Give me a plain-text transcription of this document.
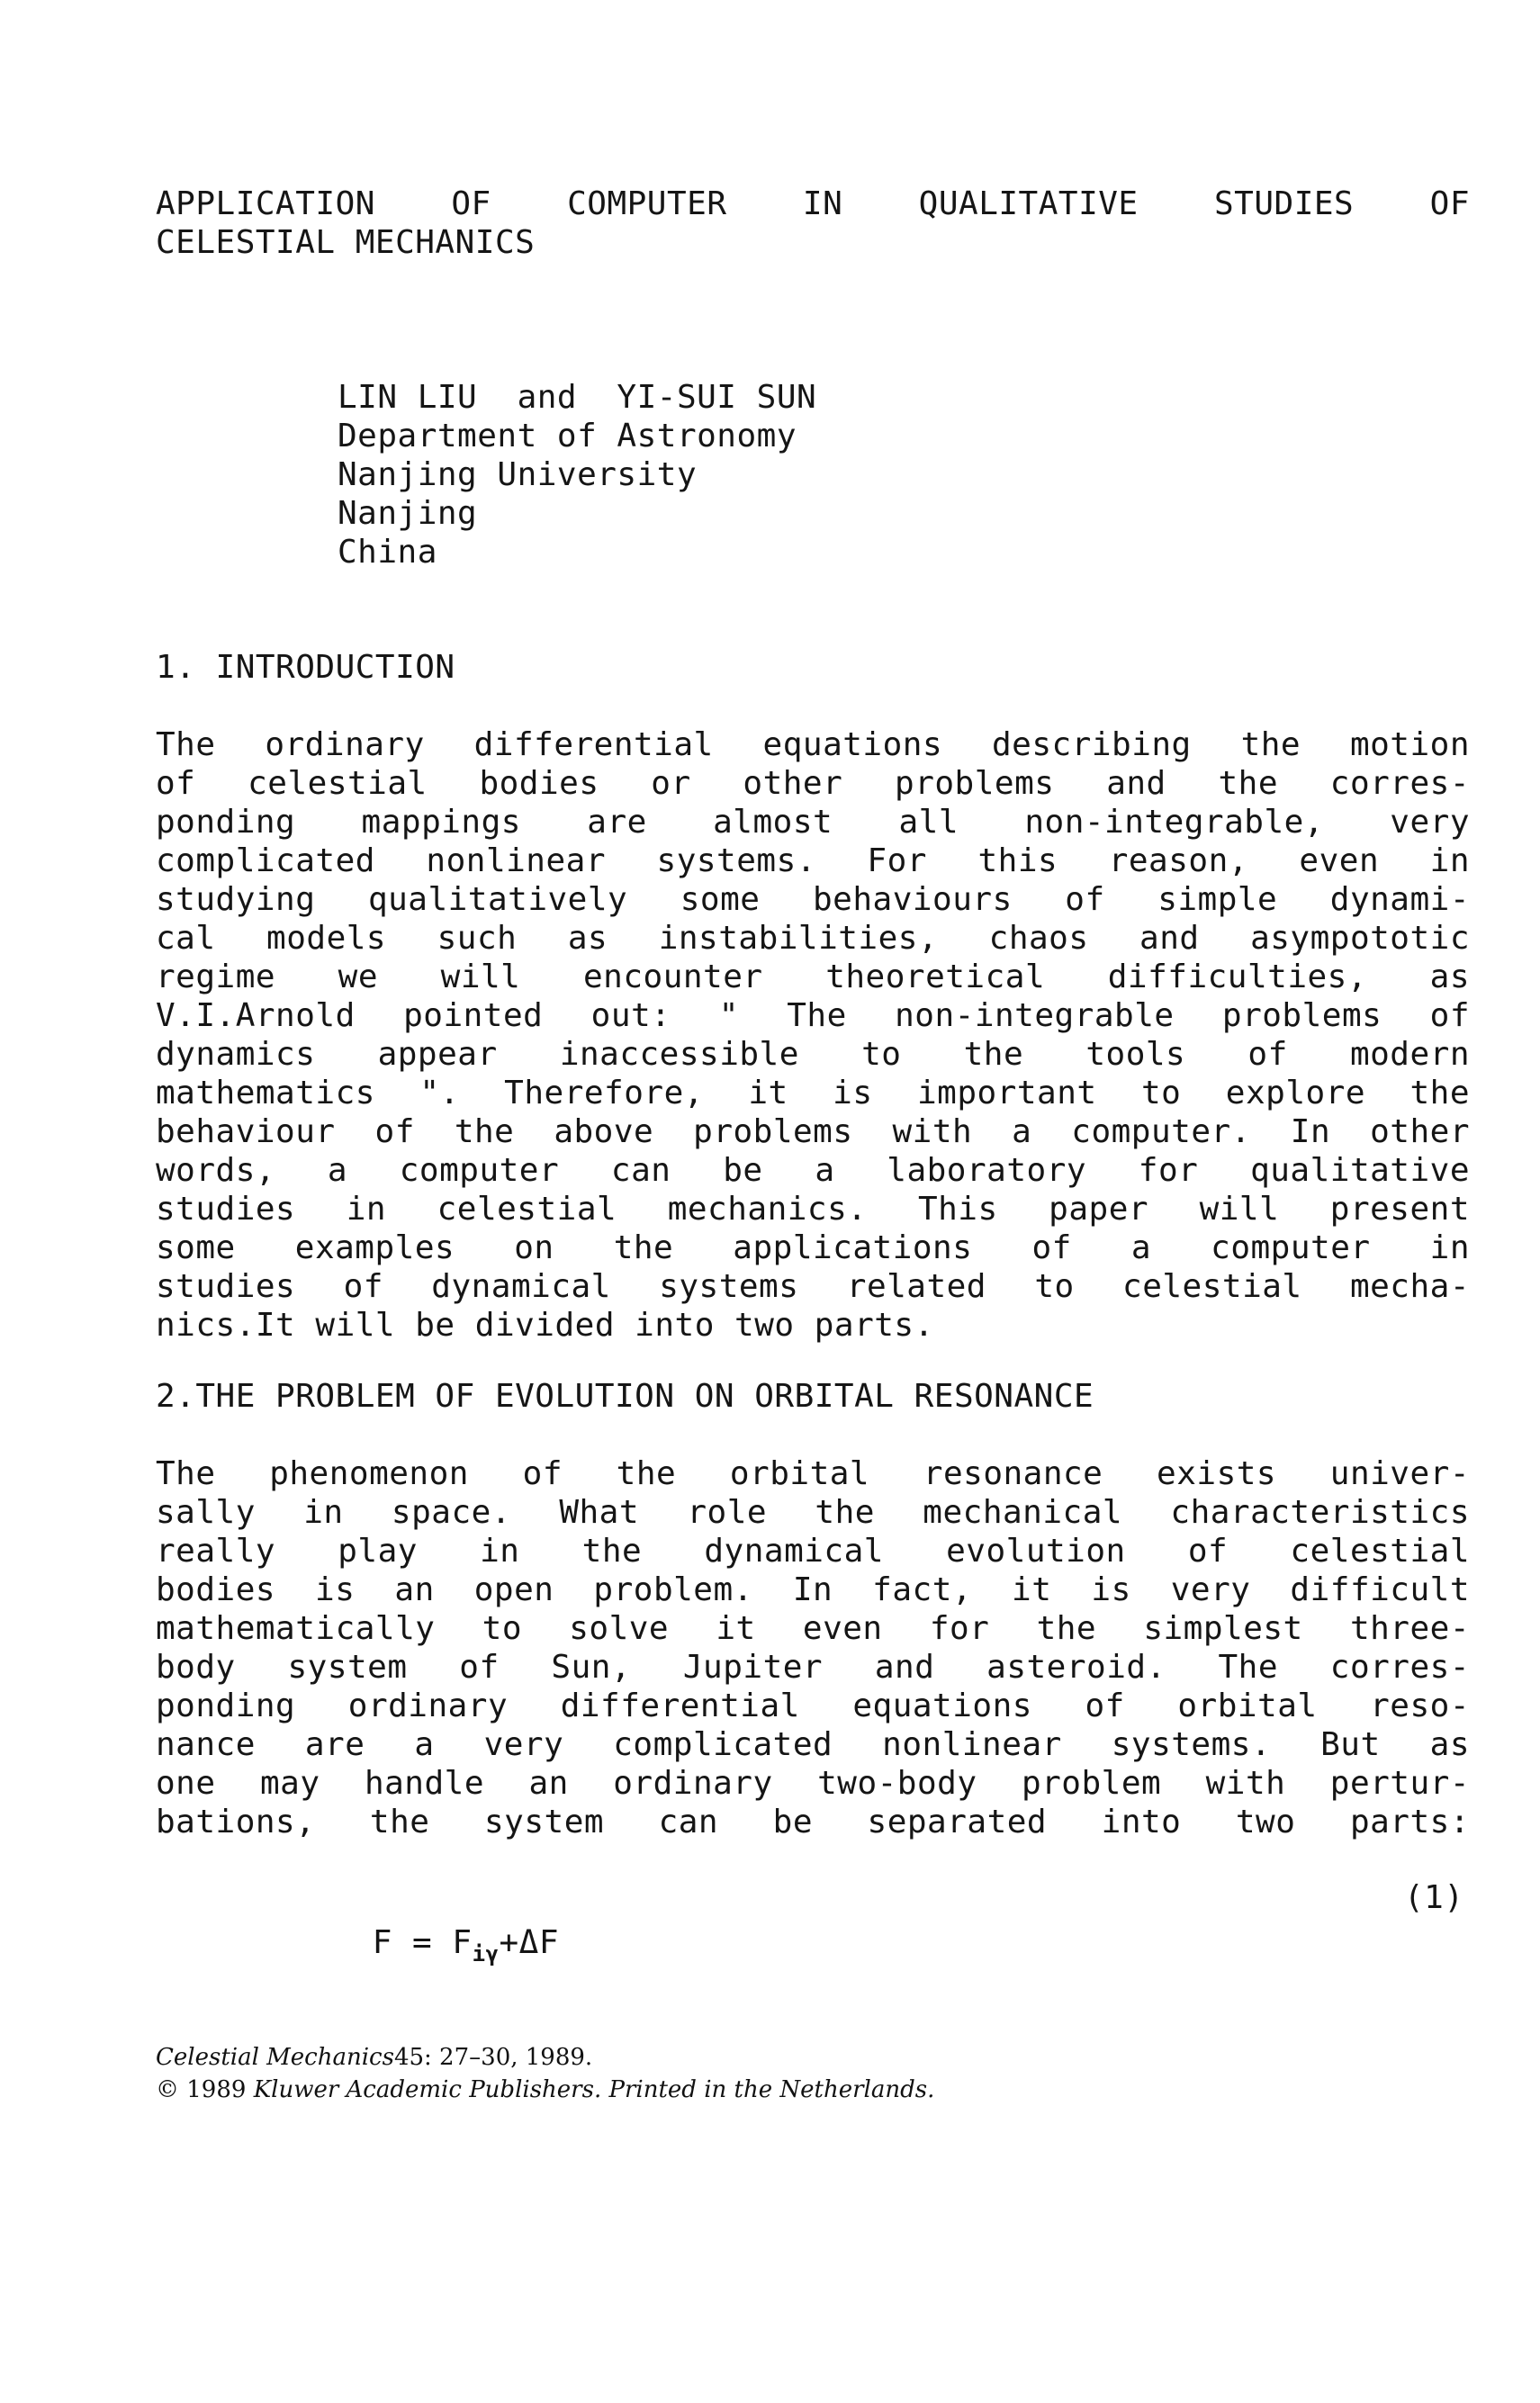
APPLICATION OF COMPUTER IN QUALITATIVE STUDIES OF
CELESTIAL MECHANICS
LIN LIU  and  YI-SUI SUN
Department of Astronomy
Nanjing University
Nanjing
China
1. INTRODUCTION
The ordinary differential equations describing the motion
of celestial bodies or other problems and the corres-
ponding mappings are almost all non-integrable, very
complicated nonlinear systems. For this reason, even in
studying qualitatively some behaviours of simple dynami-
cal models such as instabilities, chaos and asympototic
regime we will encounter theoretical difficulties, as
V.I.Arnold pointed out: " The non-integrable problems of
dynamics appear inaccessible to the tools of modern
mathematics ". Therefore, it is important to explore the
behaviour of the above problems with a computer. In other
words, a computer can be a laboratory for qualitative
studies in celestial mechanics. This paper will present
some examples on the applications of a computer in
studies of dynamical systems related to celestial mecha-
nics.It will be divided into two parts.
2.THE PROBLEM OF EVOLUTION ON ORBITAL RESONANCE
The phenomenon of the orbital resonance exists univer-
sally in space. What role the mechanical characteristics
really play in the dynamical evolution of celestial
bodies is an open problem. In fact, it is very difficult
mathematically to solve it even for the simplest three-
body system of Sun, Jupiter and asteroid. The corres-
ponding ordinary differential equations of orbital reso-
nance are a very complicated nonlinear systems. But as
one may handle an ordinary two-body problem with pertur-
bations, the system can be separated into two parts:

$F = F_{i\gamma}+\Delta F$

(1)
Celestial Mechanics45: 27–30, 1989.
© 1989 Kluwer Academic Publishers. Printed in the Netherlands.
